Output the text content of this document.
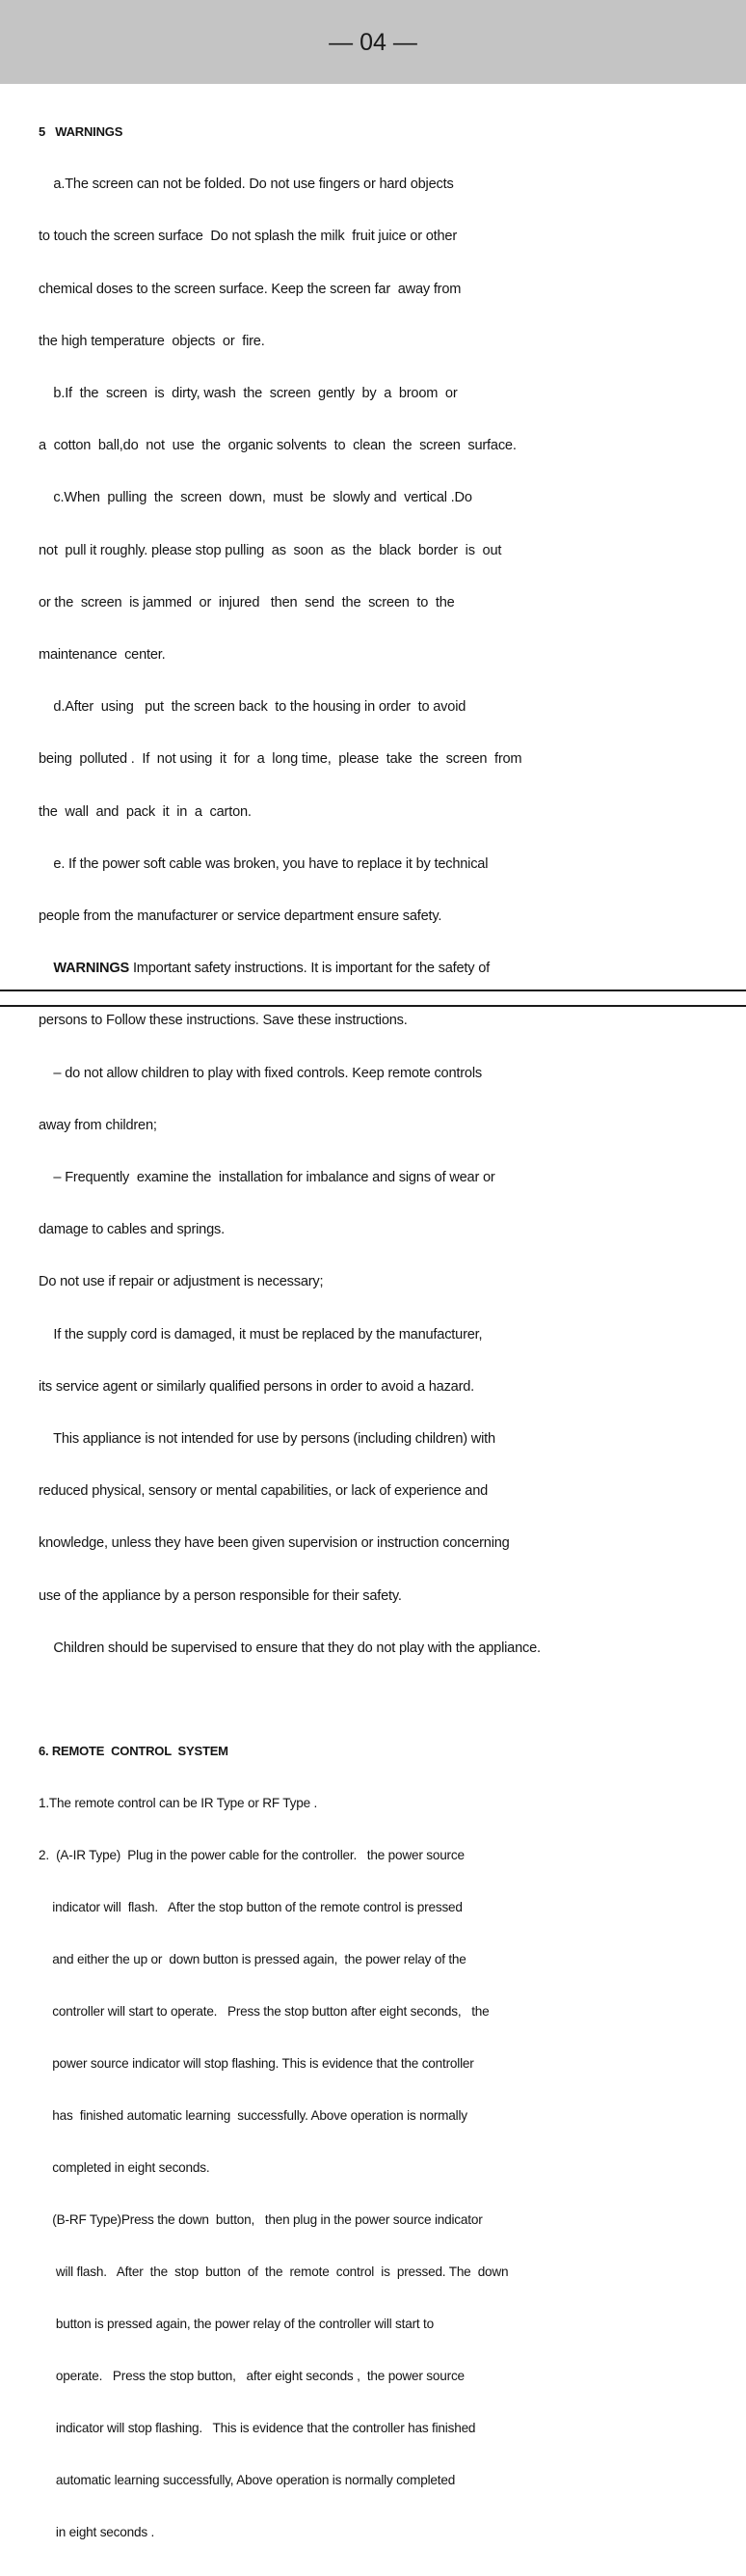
— 04 —

5   WARNINGS

a.The screen can not be folded. Do not use fingers or hard objects

to touch the screen surface  Do not splash the milk  fruit juice or other

chemical doses to the screen surface. Keep the screen far  away from

the high temperature  objects  or  fire.

b.If  the  screen  is  dirty, wash  the  screen  gently  by  a  broom  or

a  cotton  ball,do  not  use  the  organic solvents  to  clean  the  screen  surface.

c.When  pulling  the  screen  down,  must  be  slowly and  vertical .Do

not  pull it roughly. please stop pulling  as  soon  as  the  black  border  is  out

or the  screen  is jammed  or  injured   then  send  the  screen  to  the

maintenance  center.

d.After  using   put  the screen back  to the housing in order  to avoid

being  polluted .  If  not using  it  for  a  long time,  please  take  the  screen  from

the  wall  and  pack  it  in  a  carton.

e. If the power soft cable was broken, you have to replace it by technical

people from the manufacturer or service department ensure safety.

WARNINGS Important safety instructions. It is important for the safety of

persons to Follow these instructions. Save these instructions.

– do not allow children to play with fixed controls. Keep remote controls

away from children;

– Frequently  examine the  installation for imbalance and signs of wear or

damage to cables and springs.

Do not use if repair or adjustment is necessary;

If the supply cord is damaged, it must be replaced by the manufacturer,

its service agent or similarly qualified persons in order to avoid a hazard.

This appliance is not intended for use by persons (including children) with

reduced physical, sensory or mental capabilities, or lack of experience and

knowledge, unless they have been given supervision or instruction concerning

use of the appliance by a person responsible for their safety.

Children should be supervised to ensure that they do not play with the appliance.

6. REMOTE  CONTROL  SYSTEM

1.The remote control can be IR Type or RF Type .

2.  (A-IR Type)  Plug in the power cable for the controller.   the power source

indicator will  flash.   After the stop button of the remote control is pressed

and either the up or  down button is pressed again,  the power relay of the

controller will start to operate.   Press the stop button after eight seconds,   the

power source indicator will stop flashing. This is evidence that the controller

has  finished automatic learning  successfully. Above operation is normally

completed in eight seconds.

(B-RF Type)Press the down  button,   then plug in the power source indicator

will flash.   After  the  stop  button  of  the  remote  control  is  pressed. The  down

button is pressed again, the power relay of the controller will start to

operate.   Press the stop button,   after eight seconds ,  the power source

indicator will stop flashing.   This is evidence that the controller has finished

automatic learning successfully, Above operation is normally completed

in eight seconds .
